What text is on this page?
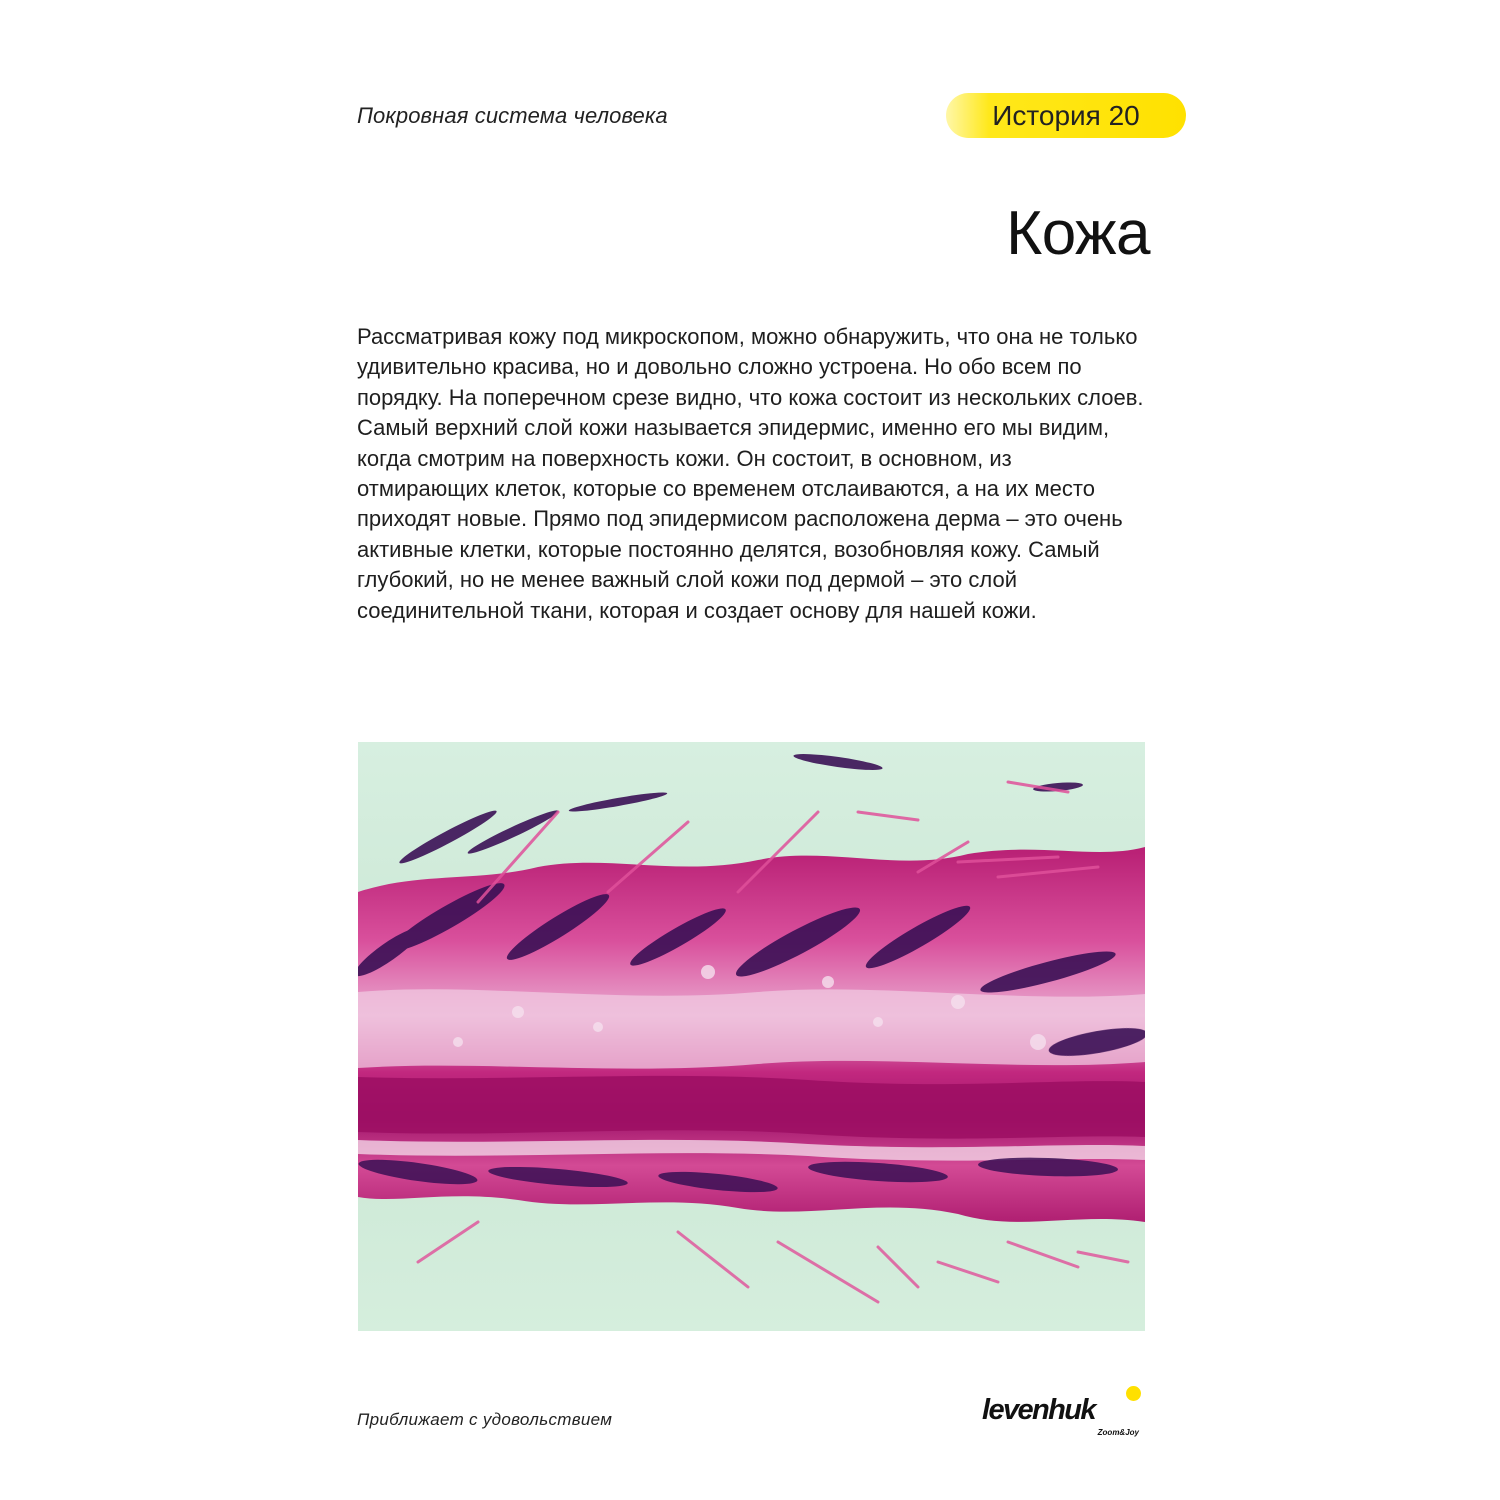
Покровная система человека	История 20
Кожа

Рассматривая кожу под микроскопом, можно обнаружить, что она не только удивительно красива, но и довольно сложно устроена. Но обо всем по порядку. На поперечном срезе видно, что кожа состоит из нескольких слоев. Самый верхний слой кожи называется эпидермис, именно его мы видим, когда смотрим на поверхность кожи. Он состоит, в основном, из отмирающих клеток, которые со временем отслаиваются, а на их место приходят новые. Прямо под эпидермисом расположена дерма – это очень активные клетки, которые постоянно делятся, возобновляя кожу. Самый глубокий, но не менее важный слой кожи под дермой – это слой соединительной ткани, которая и создает основу для нашей кожи.

Приближает с удовольствием	levenhuk
Zoom&Joy
